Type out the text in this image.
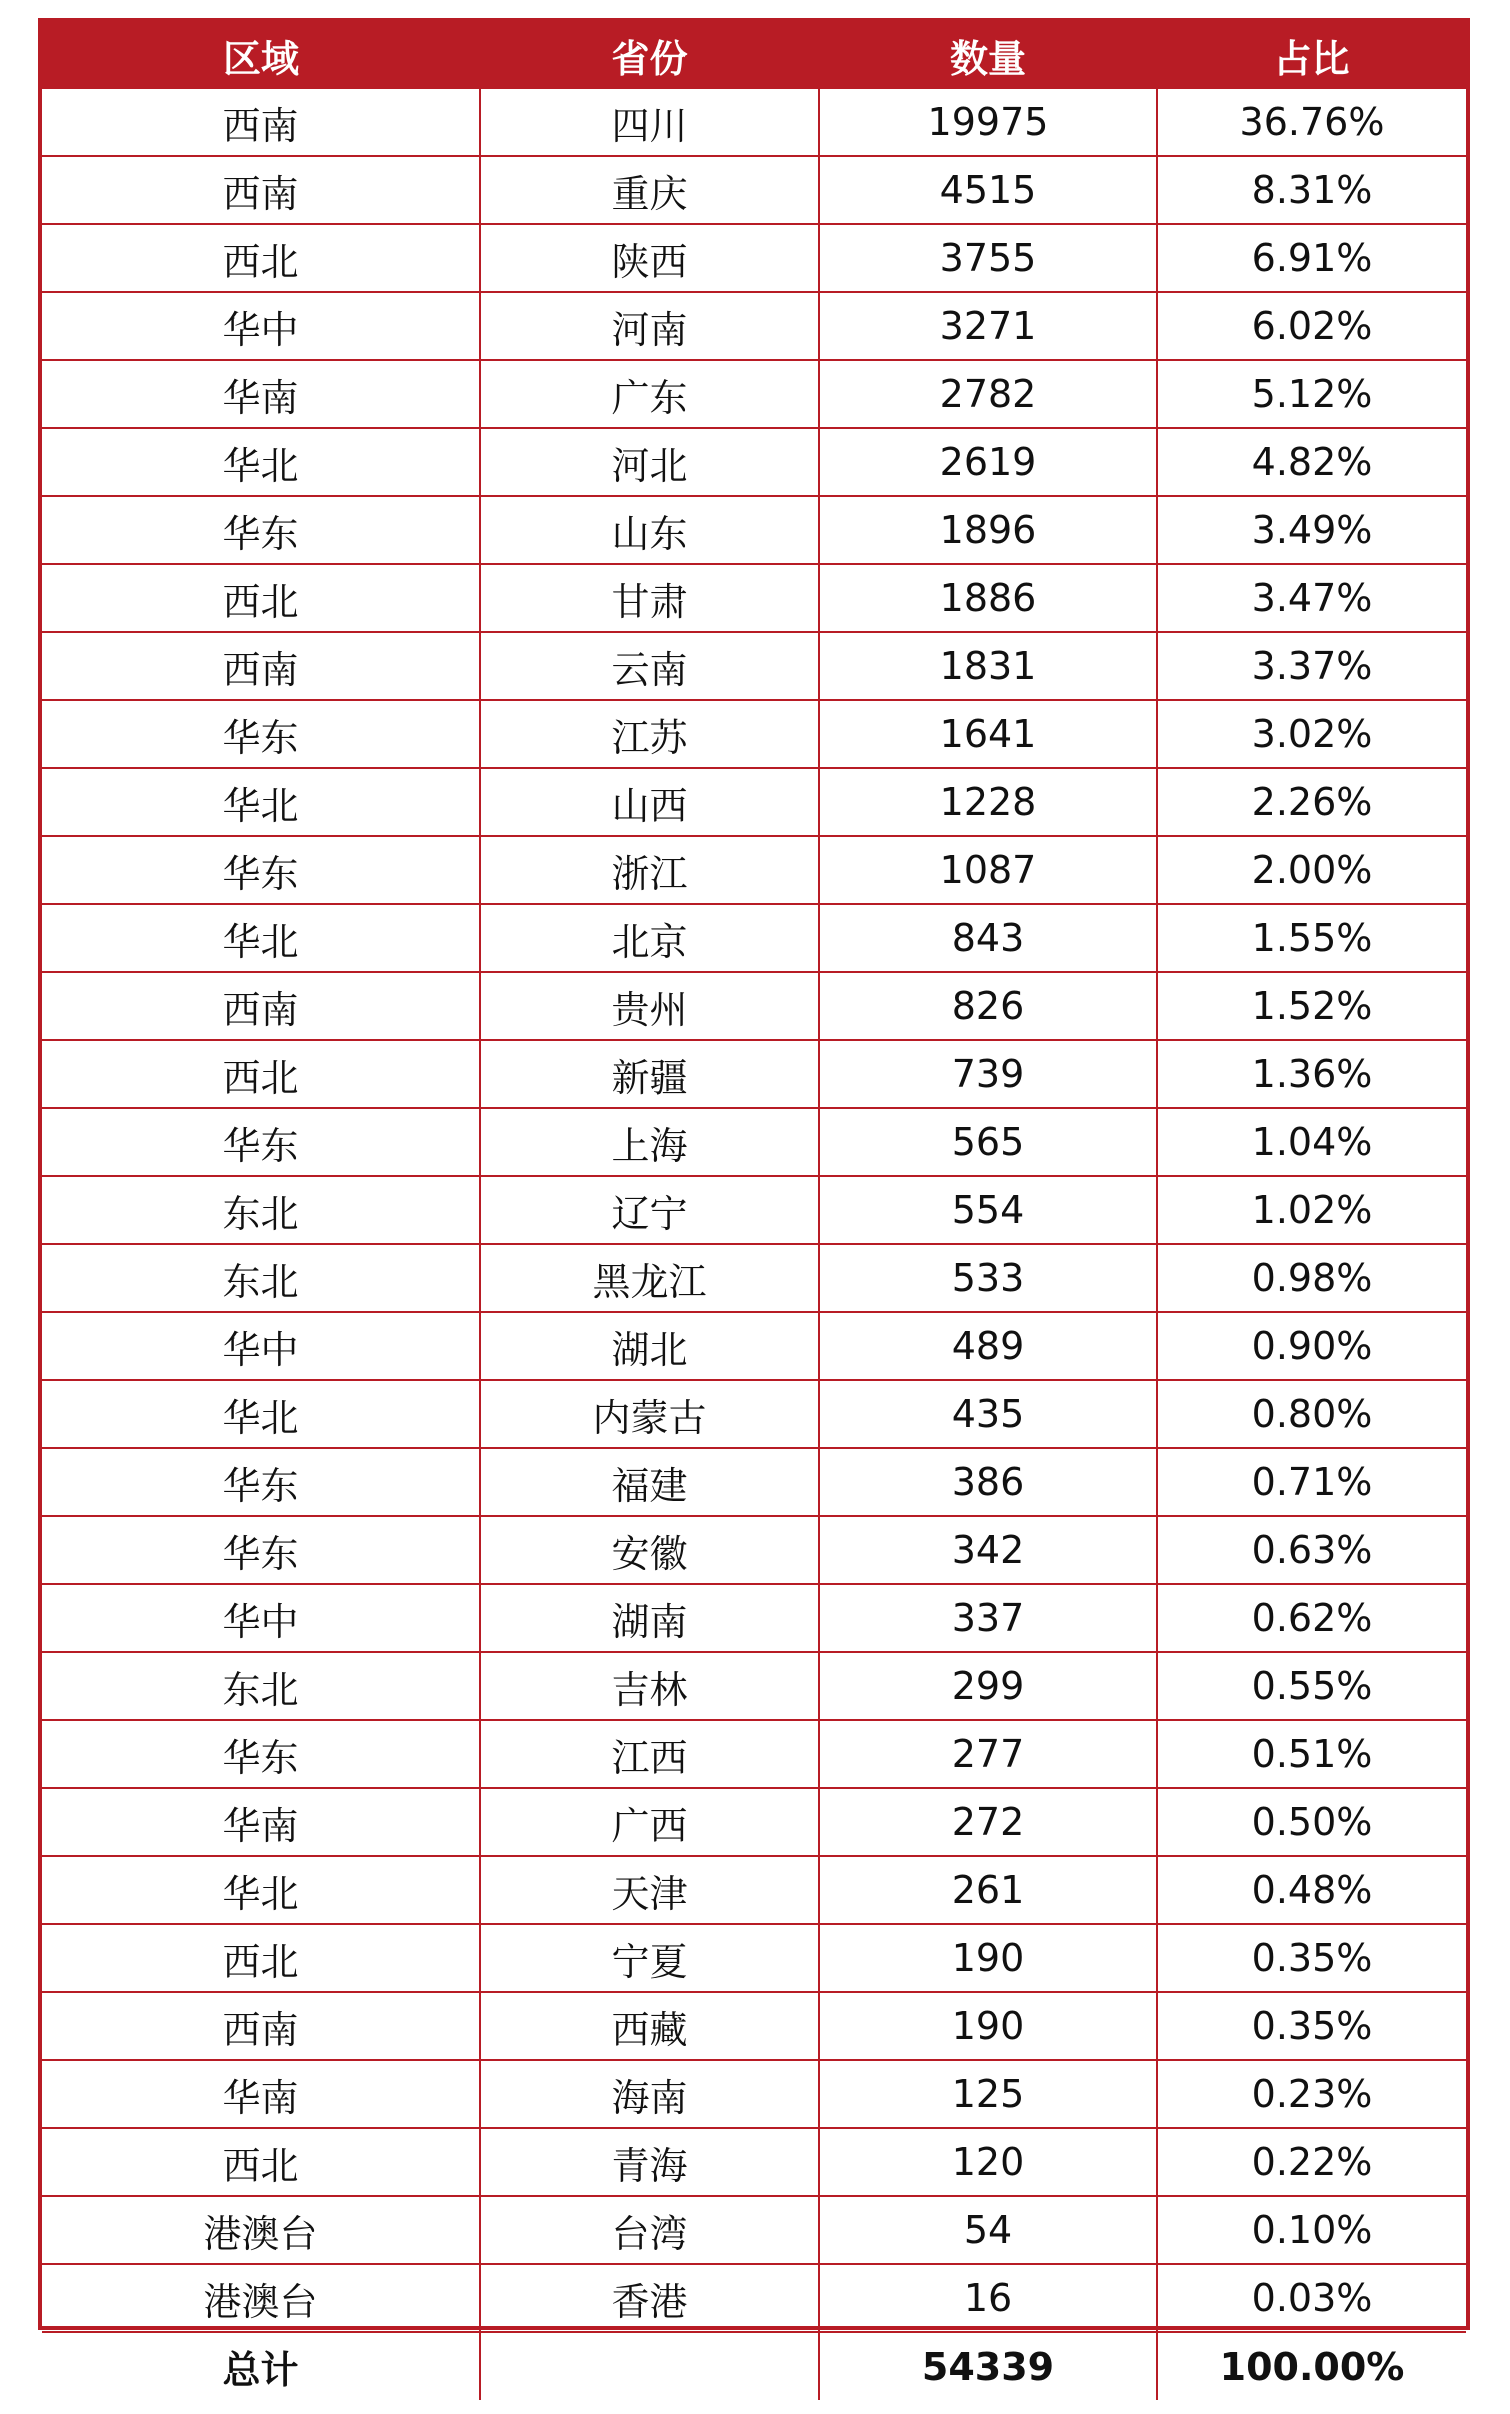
区域	省份	数量	占比
西南	四川	19975	36.76%
西南	重庆	4515	8.31%
西北	陕西	3755	6.91%
华中	河南	3271	6.02%
华南	广东	2782	5.12%
华北	河北	2619	4.82%
华东	山东	1896	3.49%
西北	甘肃	1886	3.47%
西南	云南	1831	3.37%
华东	江苏	1641	3.02%
华北	山西	1228	2.26%
华东	浙江	1087	2.00%
华北	北京	843	1.55%
西南	贵州	826	1.52%
西北	新疆	739	1.36%
华东	上海	565	1.04%
东北	辽宁	554	1.02%
东北	黑龙江	533	0.98%
华中	湖北	489	0.90%
华北	内蒙古	435	0.80%
华东	福建	386	0.71%
华东	安徽	342	0.63%
华中	湖南	337	0.62%
东北	吉林	299	0.55%
华东	江西	277	0.51%
华南	广西	272	0.50%
华北	天津	261	0.48%
西北	宁夏	190	0.35%
西南	西藏	190	0.35%
华南	海南	125	0.23%
西北	青海	120	0.22%
港澳台	台湾	54	0.10%
港澳台	香港	16	0.03%
总计		54339	100.00%
